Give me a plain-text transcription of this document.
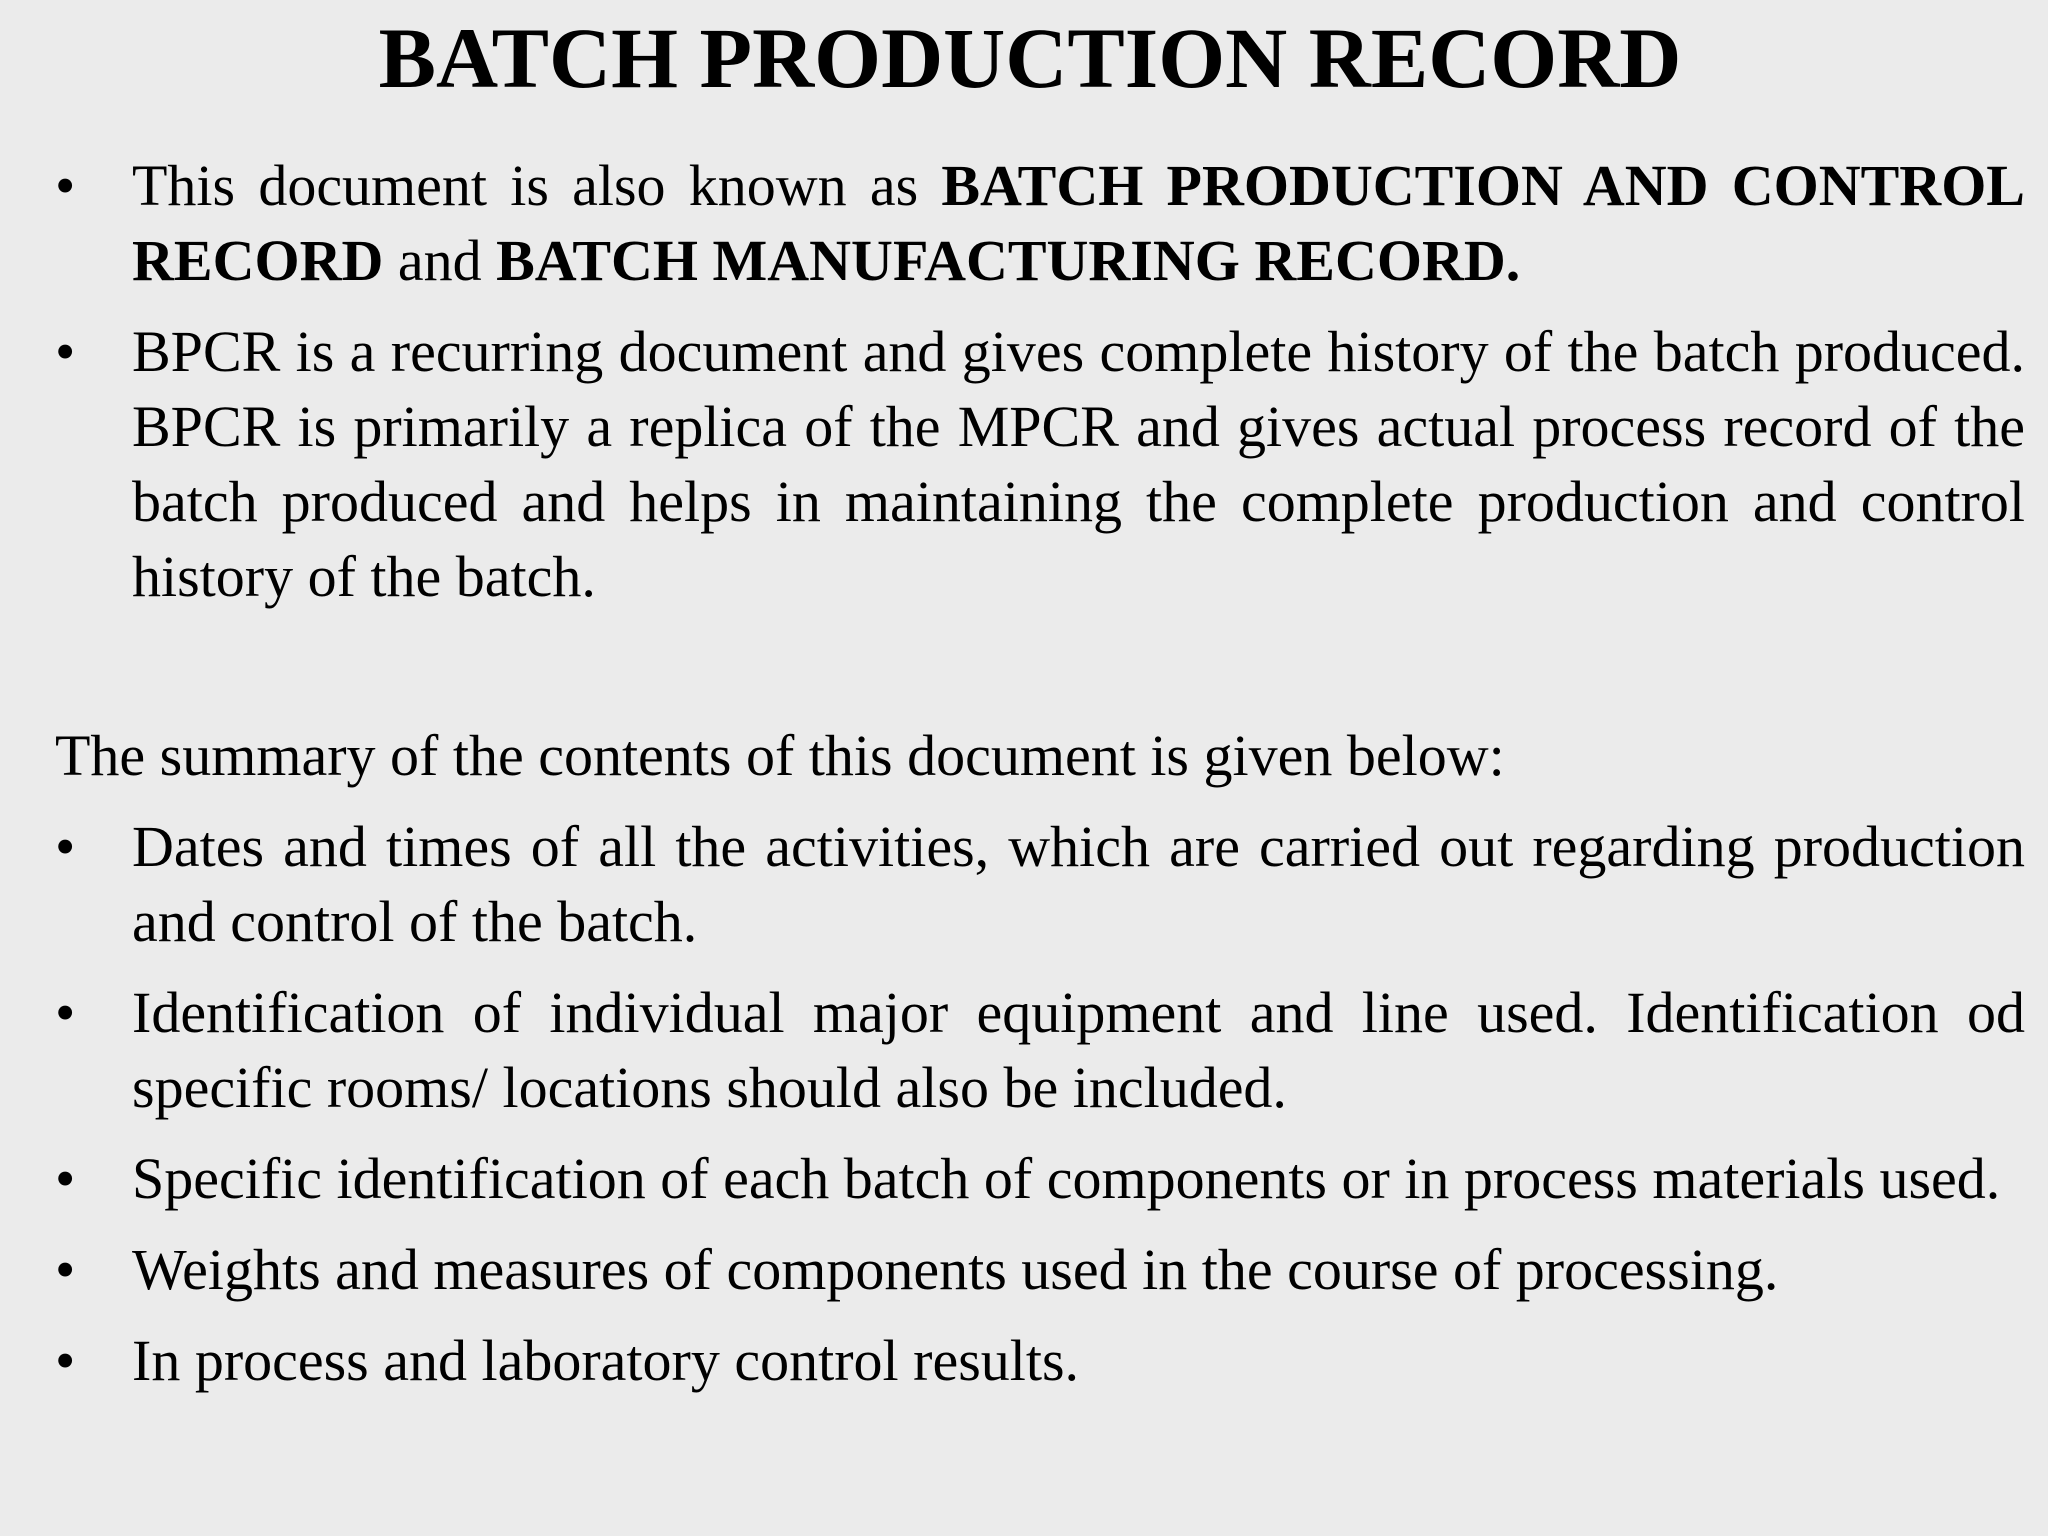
BATCH PRODUCTION RECORD
• This document is also known as BATCH PRODUCTION AND CONTROL RECORD and BATCH MANUFACTURING RECORD.
• BPCR is a recurring document and gives complete history of the batch produced. BPCR is primarily a replica of the MPCR and gives actual process record of the batch produced and helps in maintaining the complete production and control history of the batch.

The summary of the contents of this document is given below:

• Dates and times of all the activities, which are carried out regarding production and control of the batch.
• Identification of individual major equipment and line used. Identification od specific rooms/ locations should also be included.
• Specific identification of each batch of components or in process materials used.
• Weights and measures of components used in the course of processing.
• In process and laboratory control results.
